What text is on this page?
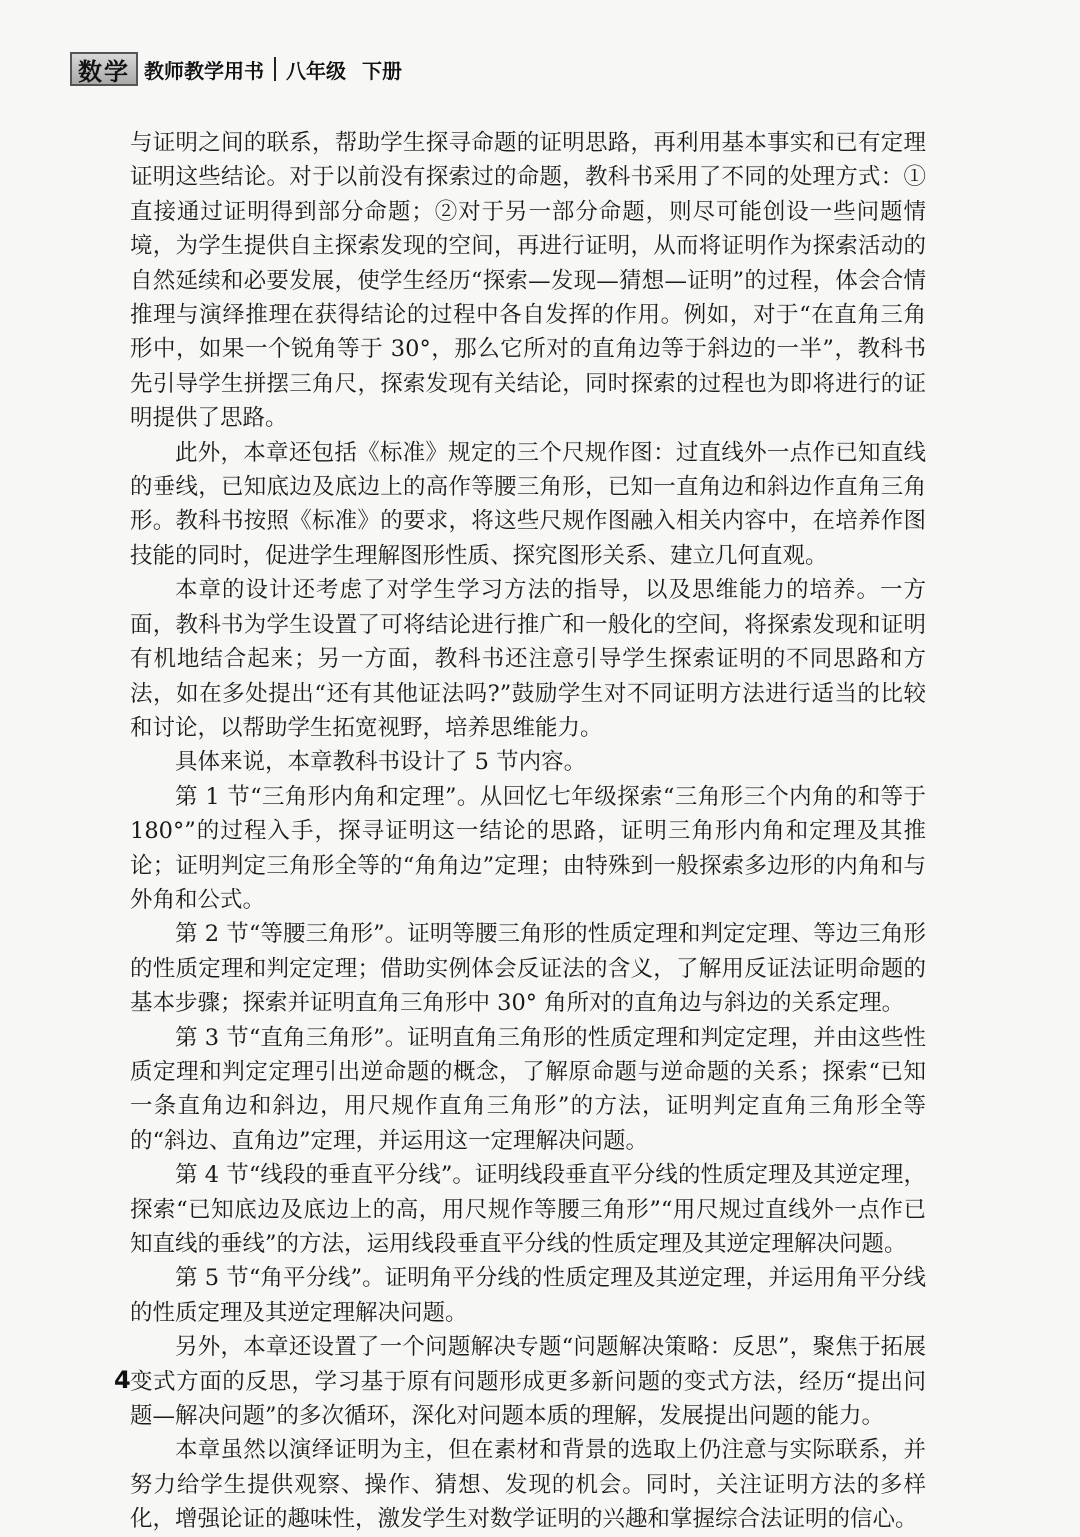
数学 教师教学用书 八年级 下册

与证明之间的联系，帮助学生探寻命题的证明思路，再利用基本事实和已有定理证明这些结论。对于以前没有探索过的命题，教科书采用了不同的处理方式：①直接通过证明得到部分命题；②对于另一部分命题，则尽可能创设一些问题情境，为学生提供自主探索发现的空间，再进行证明，从而将证明作为探索活动的自然延续和必要发展，使学生经历“探索—发现—猜想—证明”的过程，体会合情推理与演绎推理在获得结论的过程中各自发挥的作用。例如，对于“在直角三角形中，如果一个锐角等于 30°，那么它所对的直角边等于斜边的一半”，教科书先引导学生拼摆三角尺，探索发现有关结论，同时探索的过程也为即将进行的证明提供了思路。

此外，本章还包括《标准》规定的三个尺规作图：过直线外一点作已知直线的垂线，已知底边及底边上的高作等腰三角形，已知一直角边和斜边作直角三角形。教科书按照《标准》的要求，将这些尺规作图融入相关内容中，在培养作图技能的同时，促进学生理解图形性质、探究图形关系、建立几何直观。

本章的设计还考虑了对学生学习方法的指导，以及思维能力的培养。一方面，教科书为学生设置了可将结论进行推广和一般化的空间，将探索发现和证明有机地结合起来；另一方面，教科书还注意引导学生探索证明的不同思路和方法，如在多处提出“还有其他证法吗?”鼓励学生对不同证明方法进行适当的比较和讨论，以帮助学生拓宽视野，培养思维能力。

具体来说，本章教科书设计了 5 节内容。

第 1 节“三角形内角和定理”。从回忆七年级探索“三角形三个内角的和等于 180°”的过程入手，探寻证明这一结论的思路，证明三角形内角和定理及其推论；证明判定三角形全等的“角角边”定理；由特殊到一般探索多边形的内角和与外角和公式。

第 2 节“等腰三角形”。证明等腰三角形的性质定理和判定定理、等边三角形的性质定理和判定定理；借助实例体会反证法的含义，了解用反证法证明命题的基本步骤；探索并证明直角三角形中 30° 角所对的直角边与斜边的关系定理。

第 3 节“直角三角形”。证明直角三角形的性质定理和判定定理，并由这些性质定理和判定定理引出逆命题的概念，了解原命题与逆命题的关系；探索“已知一条直角边和斜边，用尺规作直角三角形”的方法，证明判定直角三角形全等的“斜边、直角边”定理，并运用这一定理解决问题。

第 4 节“线段的垂直平分线”。证明线段垂直平分线的性质定理及其逆定理，探索“已知底边及底边上的高，用尺规作等腰三角形”“用尺规过直线外一点作已知直线的垂线”的方法，运用线段垂直平分线的性质定理及其逆定理解决问题。

第 5 节“角平分线”。证明角平分线的性质定理及其逆定理，并运用角平分线的性质定理及其逆定理解决问题。

另外，本章还设置了一个问题解决专题“问题解决策略：反思”，聚焦于拓展变式方面的反思，学习基于原有问题形成更多新问题的变式方法，经历“提出问题—解决问题”的多次循环，深化对问题本质的理解，发展提出问题的能力。

本章虽然以演绎证明为主，但在素材和背景的选取上仍注意与实际联系，并努力给学生提供观察、操作、猜想、发现的机会。同时，关注证明方法的多样化，增强论证的趣味性，激发学生对数学证明的兴趣和掌握综合法证明的信心。

4
